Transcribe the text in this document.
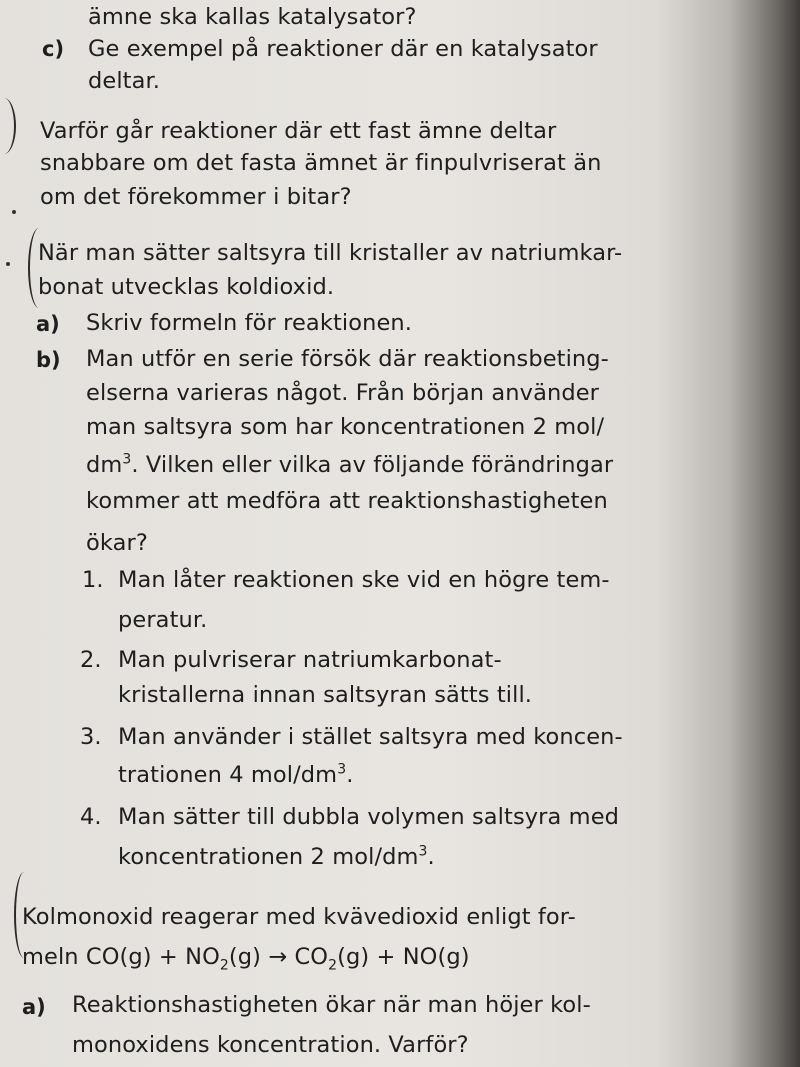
ämne ska kallas katalysator?
c) Ge exempel på reaktioner där en katalysator
deltar.
Varför går reaktioner där ett fast ämne deltar
snabbare om det fasta ämnet är finpulvriserat än
om det förekommer i bitar?
När man sätter saltsyra till kristaller av natriumkar-
bonat utvecklas koldioxid.
a) Skriv formeln för reaktionen.
b) Man utför en serie försök där reaktionsbeting-
elserna varieras något. Från början använder
man saltsyra som har koncentrationen 2 mol/
$dm^3$. Vilken eller vilka av följande förändringar
kommer att medföra att reaktionshastigheten
ökar?
1. Man låter reaktionen ske vid en högre tem-
peratur.
2. Man pulvriserar natriumkarbonat-
kristallerna innan saltsyran sätts till.
3. Man använder i stället saltsyra med koncen-
trationen 4 mol/$dm^3$.
4. Man sätter till dubbla volymen saltsyra med
koncentrationen 2 mol/$dm^3$.
Kolmonoxid reagerar med kvävedioxid enligt for-
meln $CO(g) + NO_2(g) \to CO_2(g) + NO(g)$
a) Reaktionshastigheten ökar när man höjer kol-
monoxidens koncentration. Varför?
